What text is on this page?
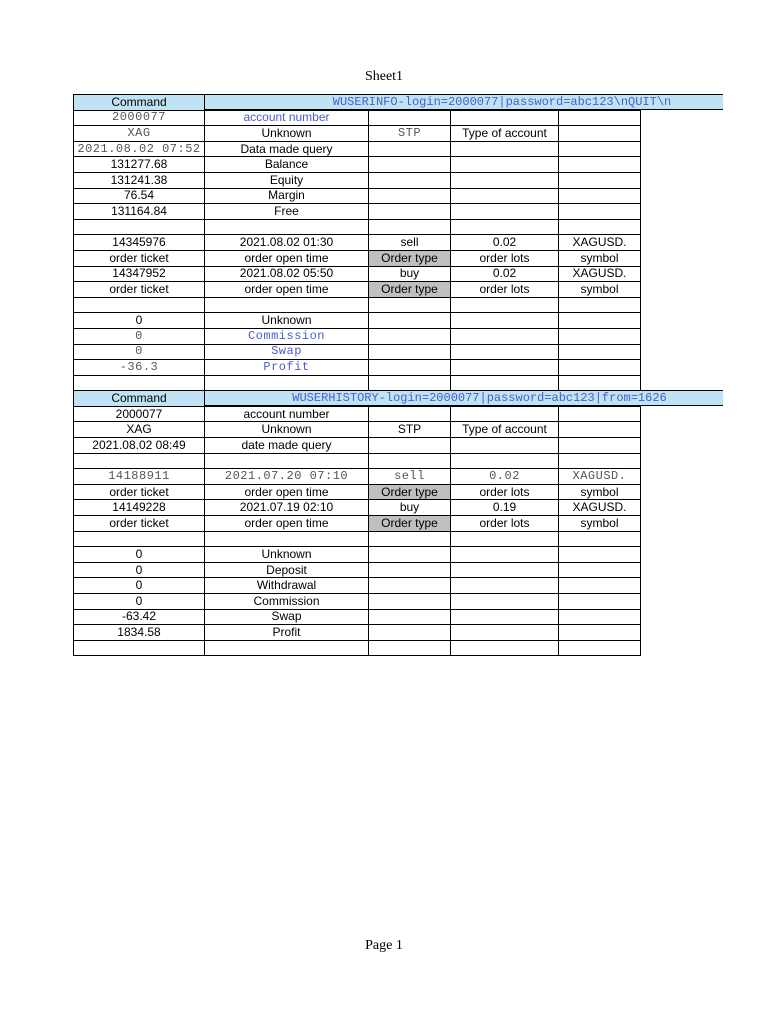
Sheet1
Command	WUSERINFO-login=2000077|password=abc123\nQUIT\n			

2000077	account number			
XAG	Unknown	STP	Type of account	
2021.08.02 07:52	Data made query			
131277.68	Balance			
131241.38	Equity			
76.54	Margin			
131164.84	Free			

14345976	2021.08.02 01:30	sell	0.02	XAGUSD.
order ticket	order open time	Order type	order lots	symbol
14347952	2021.08.02 05:50	buy	0.02	XAGUSD.
order ticket	order open time	Order type	order lots	symbol

0	Unknown			
0	Commission			
0	Swap			
-36.3	Profit			

Command	WUSERHISTORY-login=2000077|password=abc123|from=1626			

2000077	account number			
XAG	Unknown	STP	Type of account	
2021.08.02 08:49	date made query			

14188911	2021.07.20 07:10	sell	0.02	XAGUSD.
order ticket	order open time	Order type	order lots	symbol
14149228	2021.07.19 02:10	buy	0.19	XAGUSD.
order ticket	order open time	Order type	order lots	symbol

0	Unknown			
0	Deposit			
0	Withdrawal			
0	Commission			
-63.42	Swap			
1834.58	Profit			

Page 1
